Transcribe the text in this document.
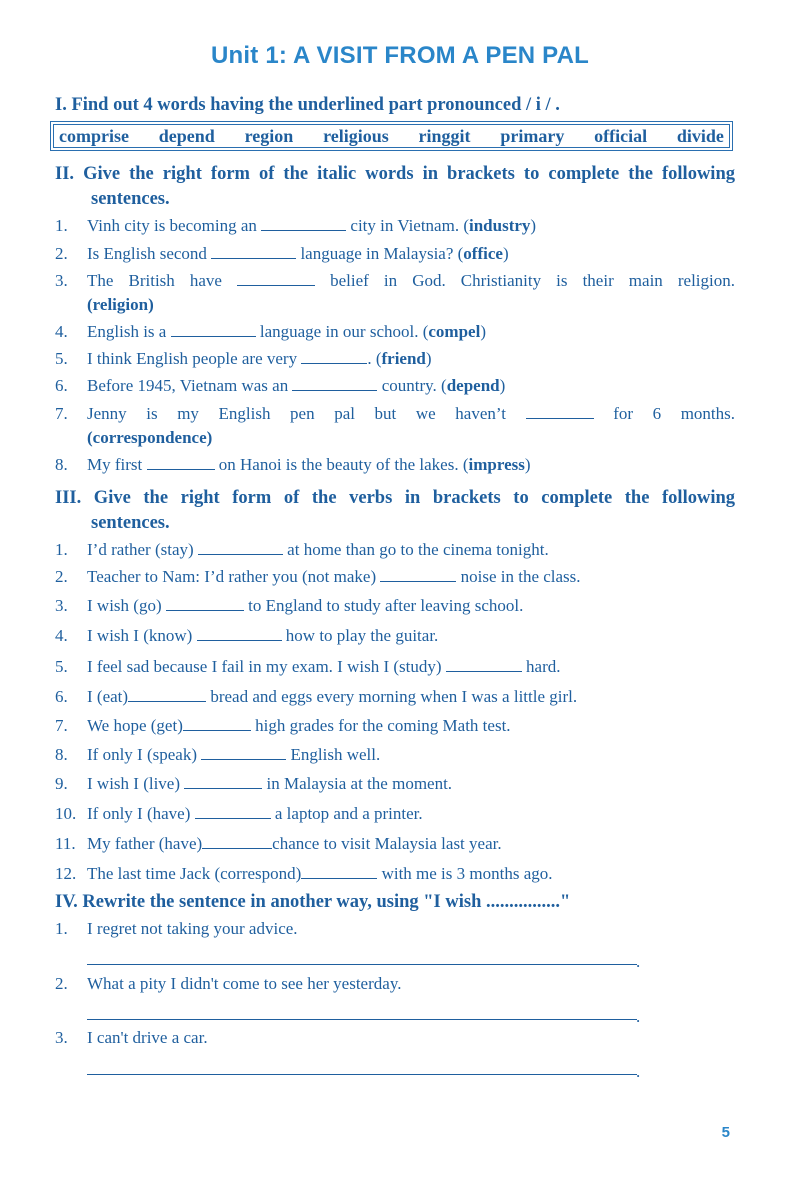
Unit 1: A VISIT FROM A PEN PAL
I. Find out 4 words having the underlined part pronounced / i / .
comprise depend region religious ringgit primary official divide
II. Give the right form of the italic words in brackets to complete the following
sentences.
1. Vinh city is becoming an	city in Vietnam. (industry)
2. Is English second	language in Malaysia? (office)
3. The British have	belief in God. Christianity is their main religion.
(religion)
4. English is a	language in our school. (compel)
5. I think English people are very	. (friend)
6. Before 1945, Vietnam was an	country. (depend)
7. Jenny is my English pen pal but we haven’t	for 6 months.
(correspondence)
8. My first	on Hanoi is the beauty of the lakes. (impress)
III. Give the right form of the verbs in brackets to complete the following
sentences.
1. I’d rather (stay)	at home than go to the cinema tonight.
2. Teacher to Nam: I’d rather you (not make)	noise in the class.
3. I wish (go)	to England to study after leaving school.
4. I wish I (know)	how to play the guitar.
5. I feel sad because I fail in my exam. I wish I (study)	hard.
6. I (eat)	bread and eggs every morning when I was a little girl.
7. We hope (get)	high grades for the coming Math test.
8. If only I (speak)	English well.
9. I wish I (live)	in Malaysia at the moment.
10. If only I (have)	a laptop and a printer.
11. My father (have)	chance to visit Malaysia last year.
12. The last time Jack (correspond)	with me is 3 months ago.
IV. Rewrite the sentence in another way, using "I wish ................"
1. I regret not taking your advice.
.
2. What a pity I didn't come to see her yesterday.
.
3. I can't drive a car.
.
5
